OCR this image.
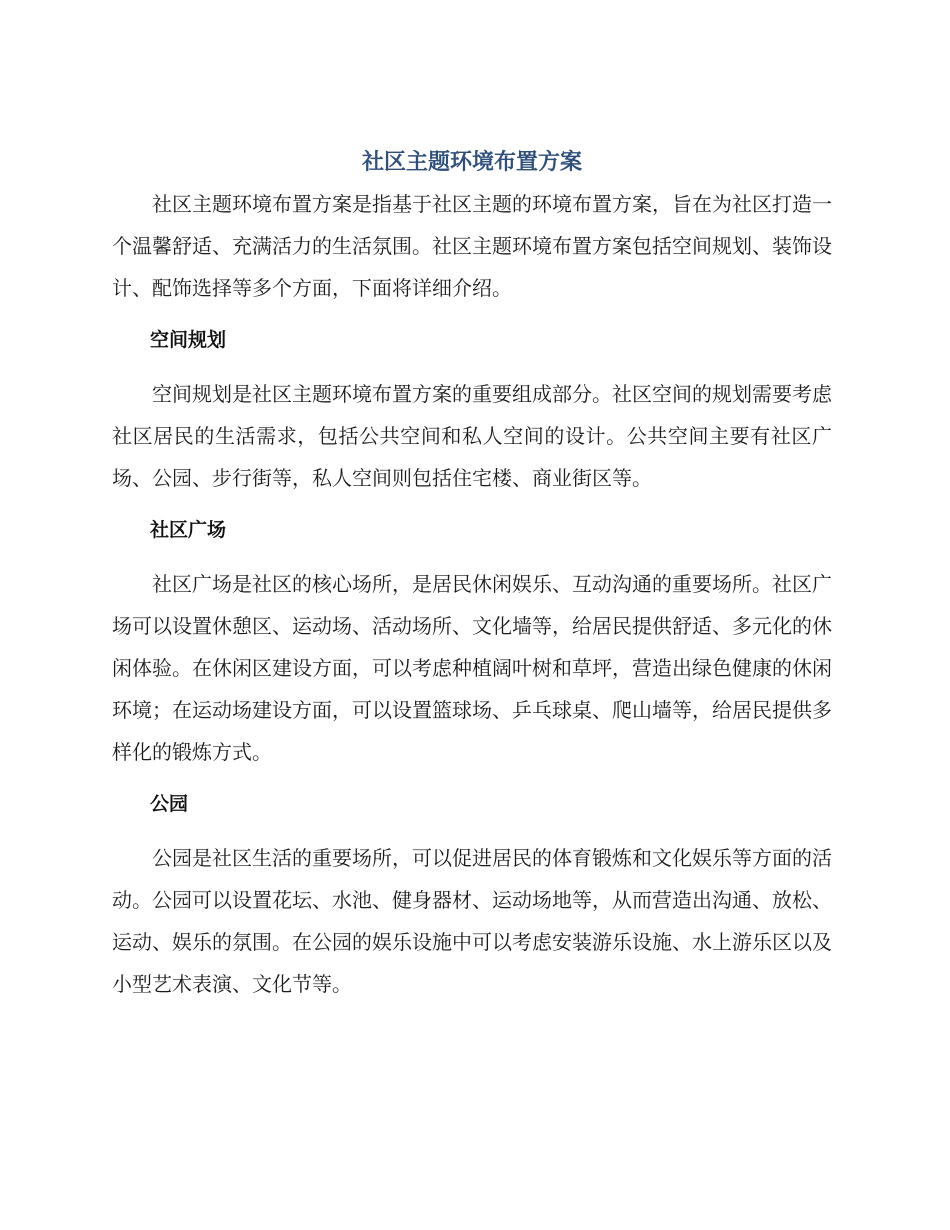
社区主题环境布置方案

社区主题环境布置方案是指基于社区主题的环境布置方案，旨在为社区打造一个温馨舒适、充满活力的生活氛围。社区主题环境布置方案包括空间规划、装饰设计、配饰选择等多个方面，下面将详细介绍。

空间规划

空间规划是社区主题环境布置方案的重要组成部分。社区空间的规划需要考虑社区居民的生活需求，包括公共空间和私人空间的设计。公共空间主要有社区广场、公园、步行街等，私人空间则包括住宅楼、商业街区等。

社区广场

社区广场是社区的核心场所，是居民休闲娱乐、互动沟通的重要场所。社区广场可以设置休憩区、运动场、活动场所、文化墙等，给居民提供舒适、多元化的休闲体验。在休闲区建设方面，可以考虑种植阔叶树和草坪，营造出绿色健康的休闲环境；在运动场建设方面，可以设置篮球场、乒乓球桌、爬山墙等，给居民提供多样化的锻炼方式。

公园

公园是社区生活的重要场所，可以促进居民的体育锻炼和文化娱乐等方面的活动。公园可以设置花坛、水池、健身器材、运动场地等，从而营造出沟通、放松、运动、娱乐的氛围。在公园的娱乐设施中可以考虑安装游乐设施、水上游乐区以及小型艺术表演、文化节等。
